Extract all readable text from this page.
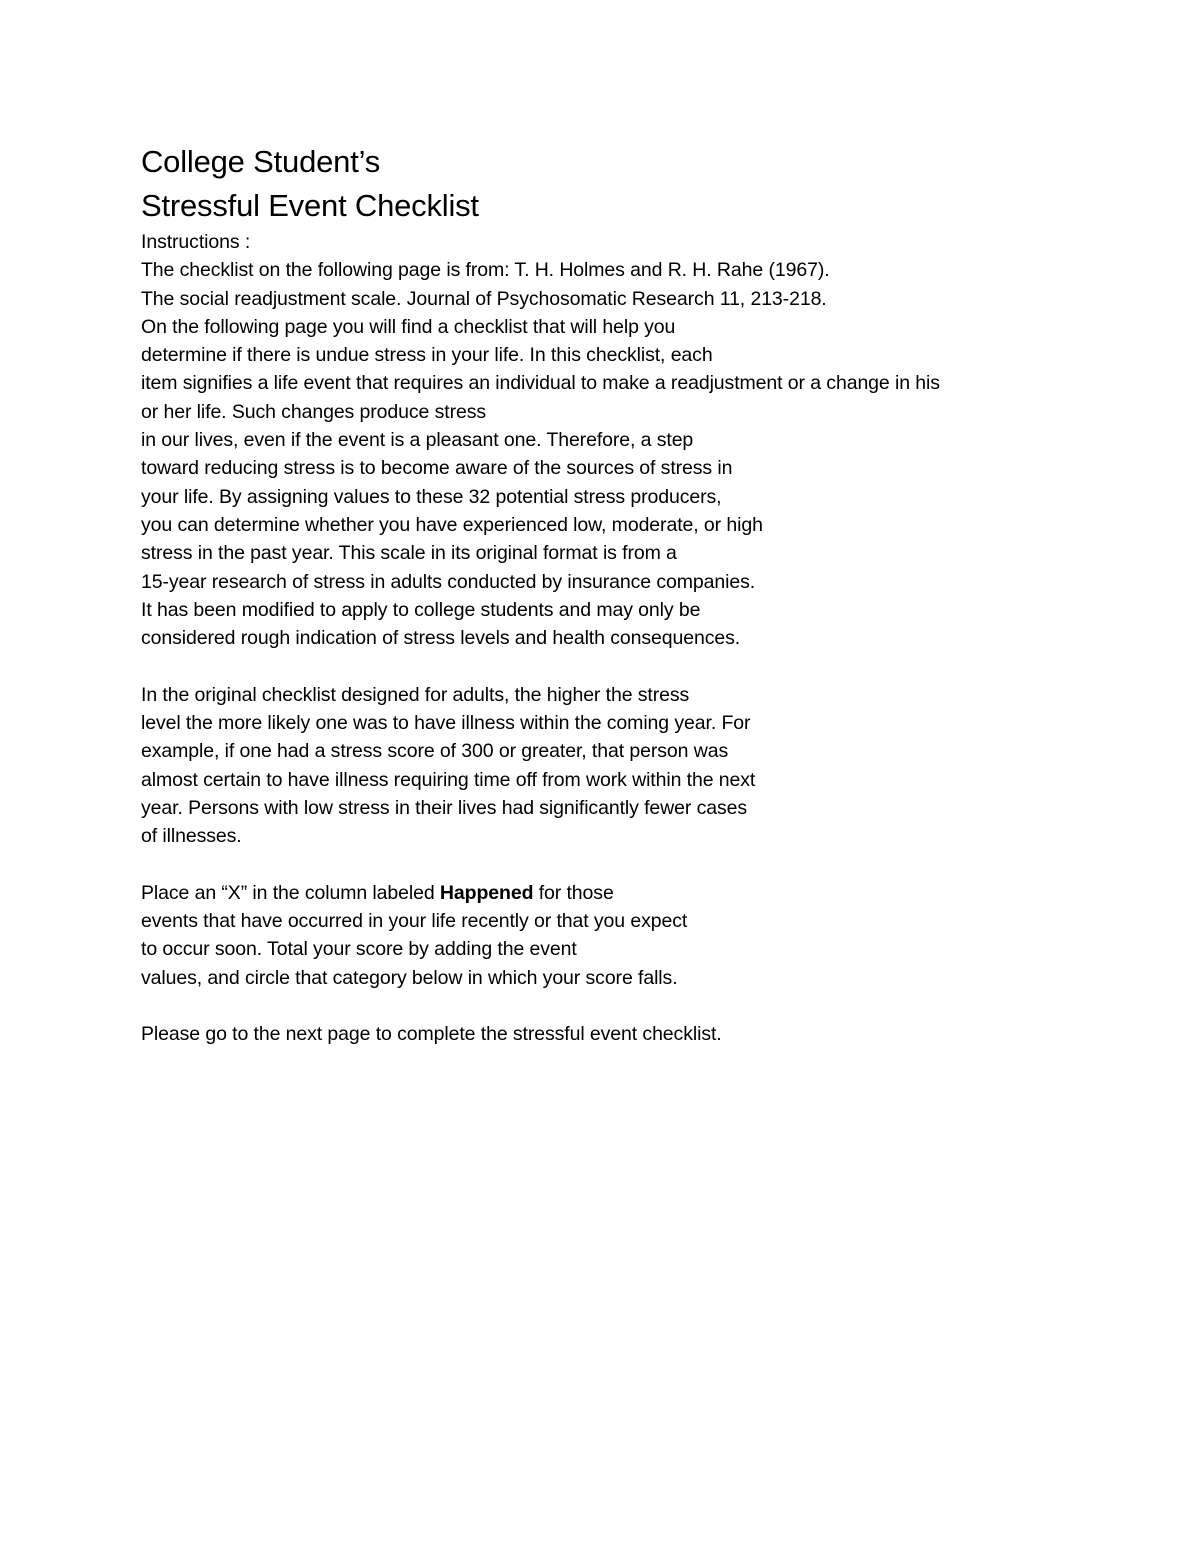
College Student’s
Stressful Event Checklist
Instructions :
The checklist on the following page is from: T. H. Holmes and R. H. Rahe (1967).
The social readjustment scale. Journal of Psychosomatic Research 11, 213-218.
On the following page you will find a checklist that will help you
determine if there is undue stress in your life. In this checklist, each
item signifies a life event that requires an individual to make a readjustment or a change in his
or her life. Such changes produce stress
in our lives, even if the event is a pleasant one. Therefore, a step
toward reducing stress is to become aware of the sources of stress in
your life. By assigning values to these 32 potential stress producers,
you can determine whether you have experienced low, moderate, or high
stress in the past year. This scale in its original format is from a
15-year research of stress in adults conducted by insurance companies.
It has been modified to apply to college students and may only be
considered rough indication of stress levels and health consequences.
In the original checklist designed for adults, the higher the stress
level the more likely one was to have illness within the coming year. For
example, if one had a stress score of 300 or greater, that person was
almost certain to have illness requiring time off from work within the next
year. Persons with low stress in their lives had significantly fewer cases
of illnesses.
Place an “X” in the column labeled Happened for those
events that have occurred in your life recently or that you expect
to occur soon. Total your score by adding the event
values, and circle that category below in which your score falls.
Please go to the next page to complete the stressful event checklist.
